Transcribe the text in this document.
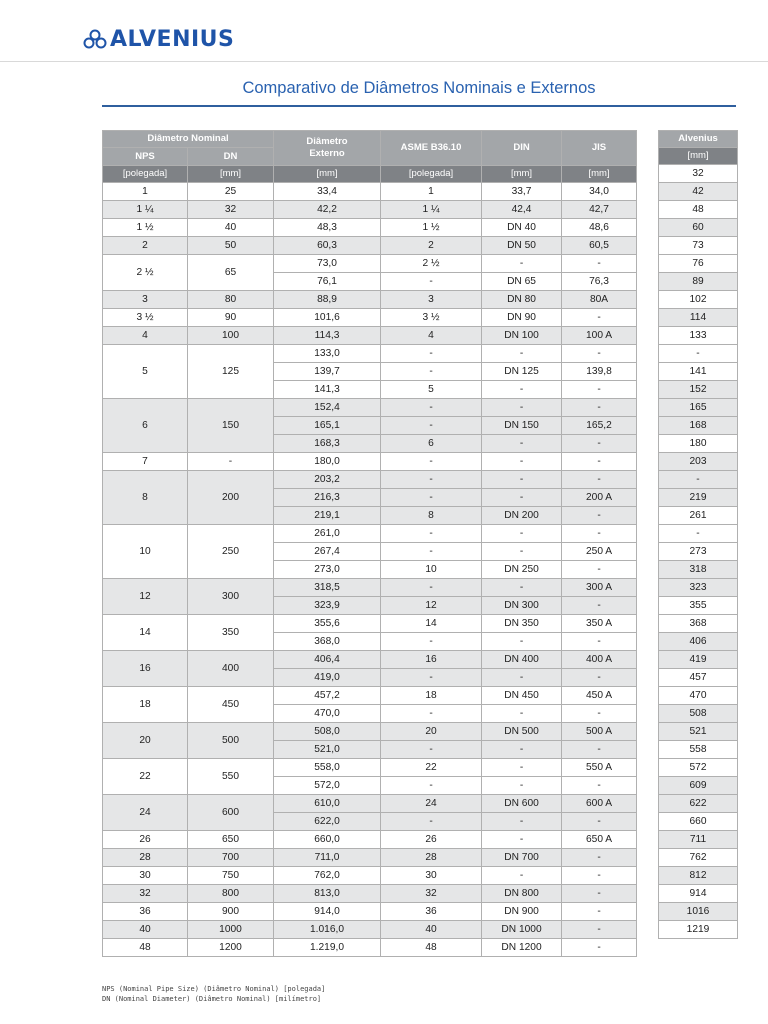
ALVENIUS
Comparativo de Diâmetros Nominais e Externos
Diâmetro Nominal		Diâmetro Externo	ASME B36.10	DIN	JIS
NPS	DN				
[polegada]	[mm]	[mm]	[polegada]	[mm]	[mm]
1	25	33,4	1	33,7	34,0
1 ¼	32	42,2	1 ¼	42,4	42,7
1 ½	40	48,3	1 ½	DN 40	48,6
2	50	60,3	2	DN 50	60,5
2 ½	65	73,0	2 ½	-	-
		76,1	-	DN 65	76,3
3	80	88,9	3	DN 80	80A
3 ½	90	101,6	3 ½	DN 90	-
4	100	114,3	4	DN 100	100 A
5	125	133,0	-	-	-
		139,7	-	DN 125	139,8
		141,3	5	-	-
6	150	152,4	-	-	-
		165,1	-	DN 150	165,2
		168,3	6	-	-
7	-	180,0	-	-	-
8	200	203,2	-	-	-
		216,3	-	-	200 A
		219,1	8	DN 200	-
10	250	261,0	-	-	-
		267,4	-	-	250 A
		273,0	10	DN 250	-
12	300	318,5	-	-	300 A
		323,9	12	DN 300	-
14	350	355,6	14	DN 350	350 A
		368,0	-	-	-
16	400	406,4	16	DN 400	400 A
		419,0	-	-	-
18	450	457,2	18	DN 450	450 A
		470,0	-	-	-
20	500	508,0	20	DN 500	500 A
		521,0	-	-	-
22	550	558,0	22	-	550 A
		572,0	-	-	-
24	600	610,0	24	DN 600	600 A
		622,0	-	-	-
26	650	660,0	26	-	650 A
28	700	711,0	28	DN 700	-
30	750	762,0	30	-	-
32	800	813,0	32	DN 800	-
36	900	914,0	36	DN 900	-
40	1000	1.016,0	40	DN 1000	-
48	1200	1.219,0	48	DN 1200	-
Alvenius

[mm]
32
42
48
60
73
76
89
102
114
133
-
141
152
165
168
180
203
-
219
261
-
273
318
323
355
368
406
419
457
470
508
521
558
572
609
622
660
711
762
812
914
1016
1219
NPS (Nominal Pipe Size) (Diâmetro Nominal) [polegada]
DN (Nominal Diameter) (Diâmetro Nominal) [milímetro]
